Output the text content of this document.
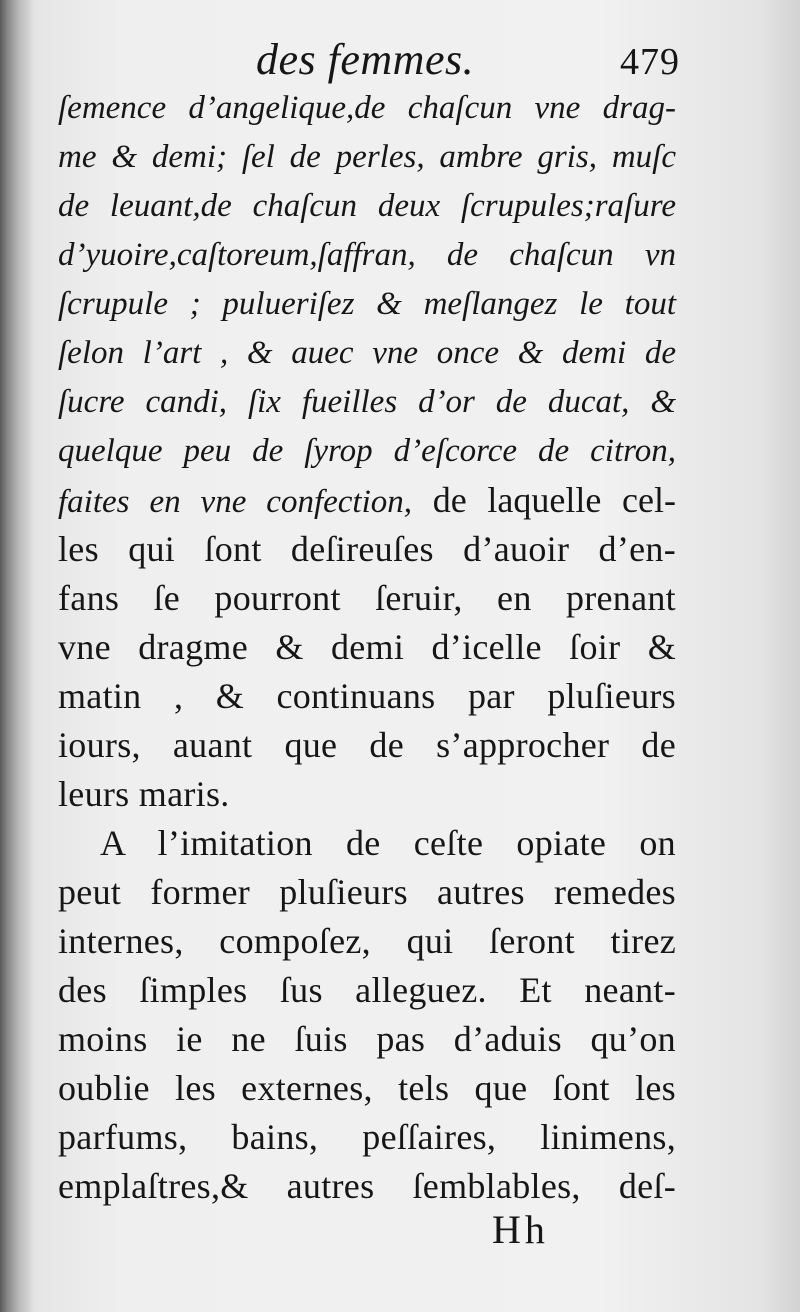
des femmes.	479
ſemence d’angelique,de chaſcun vne drag-
me & demi; ſel de perles, ambre gris, muſc
de leuant,de chaſcun deux ſcrupules;raſure
d’yuoire,caſtoreum,ſaffran, de chaſcun vn
ſcrupule ; pulueriſez & meſlangez le tout
ſelon l’art , & auec vne once & demi de
ſucre candi, ſix fueilles d’or de ducat, &
quelque peu de ſyrop d’eſcorce de citron,
faites en vne confection, de laquelle cel-
les qui ſont deſireuſes d’auoir d’en-
fans ſe pourront ſeruir, en prenant
vne dragme & demi d’icelle ſoir &
matin , & continuans par pluſieurs
iours, auant que de s’approcher de
leurs maris.
A l’imitation de ceſte opiate on
peut former pluſieurs autres remedes
internes, compoſez, qui ſeront tirez
des ſimples ſus alleguez. Et neant-
moins ie ne ſuis pas d’aduis qu’on
oublie les externes, tels que ſont les
parfums, bains, peſſaires, linimens,
emplaſtres,& autres ſemblables, deſ-
Hh
